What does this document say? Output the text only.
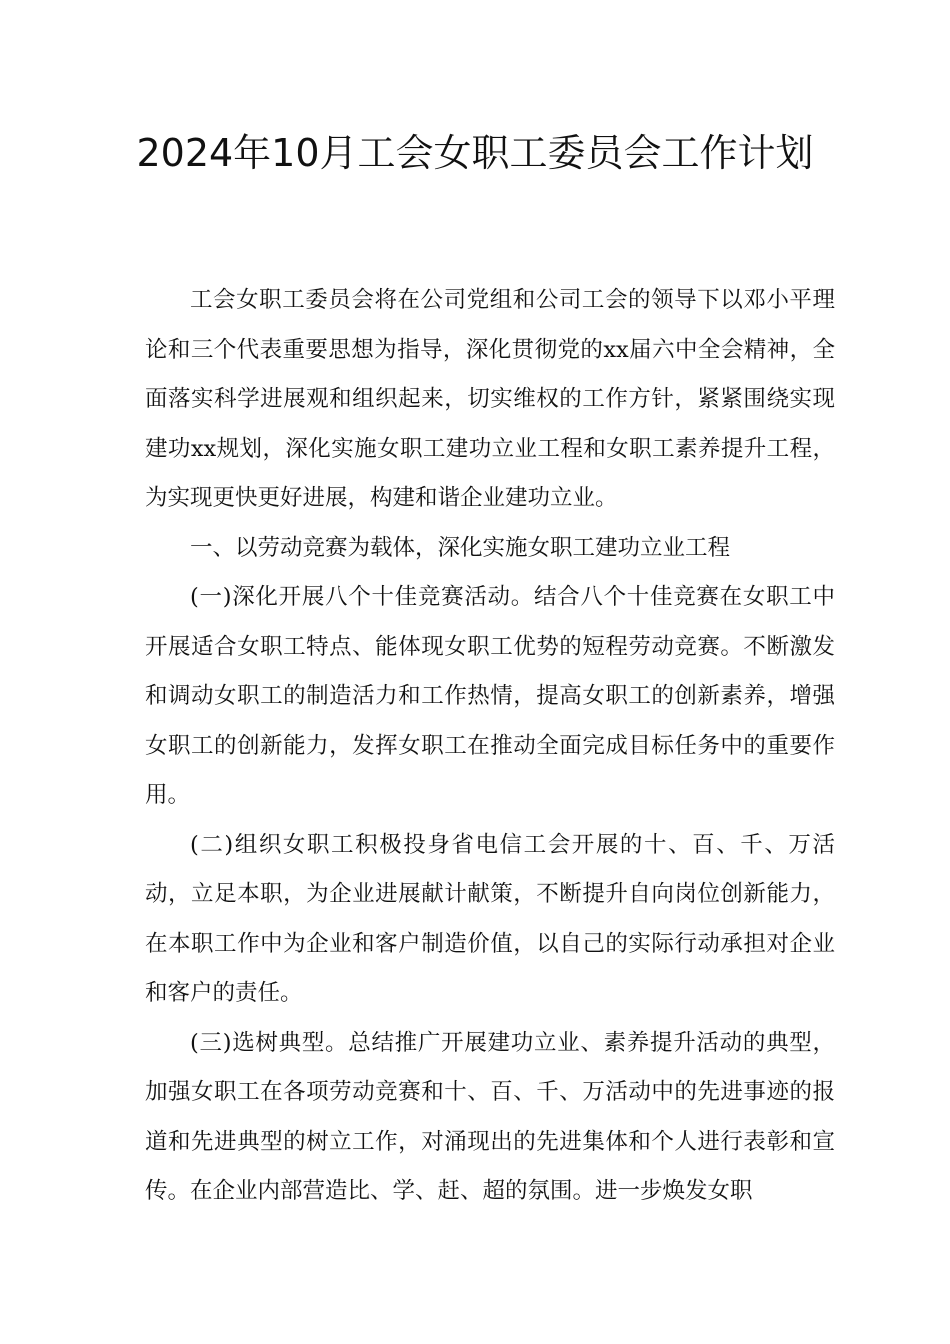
2024年10月工会女职工委员会工作计划

工会女职工委员会将在公司党组和公司工会的领导下以邓小平理论和三个代表重要思想为指导，深化贯彻党的xx届六中全会精神，全面落实科学进展观和组织起来，切实维权的工作方针，紧紧围绕实现建功xx规划，深化实施女职工建功立业工程和女职工素养提升工程，为实现更快更好进展，构建和谐企业建功立业。

一、以劳动竞赛为载体，深化实施女职工建功立业工程

(一)深化开展八个十佳竞赛活动。结合八个十佳竞赛在女职工中开展适合女职工特点、能体现女职工优势的短程劳动竞赛。不断激发和调动女职工的制造活力和工作热情，提高女职工的创新素养，增强女职工的创新能力，发挥女职工在推动全面完成目标任务中的重要作用。

(二)组织女职工积极投身省电信工会开展的十、百、千、万活动，立足本职，为企业进展献计献策，不断提升自向岗位创新能力，在本职工作中为企业和客户制造价值，以自己的实际行动承担对企业和客户的责任。

(三)选树典型。总结推广开展建功立业、素养提升活动的典型，加强女职工在各项劳动竞赛和十、百、千、万活动中的先进事迹的报道和先进典型的树立工作，对涌现出的先进集体和个人进行表彰和宣传。在企业内部营造比、学、赶、超的氛围。进一步焕发女职
